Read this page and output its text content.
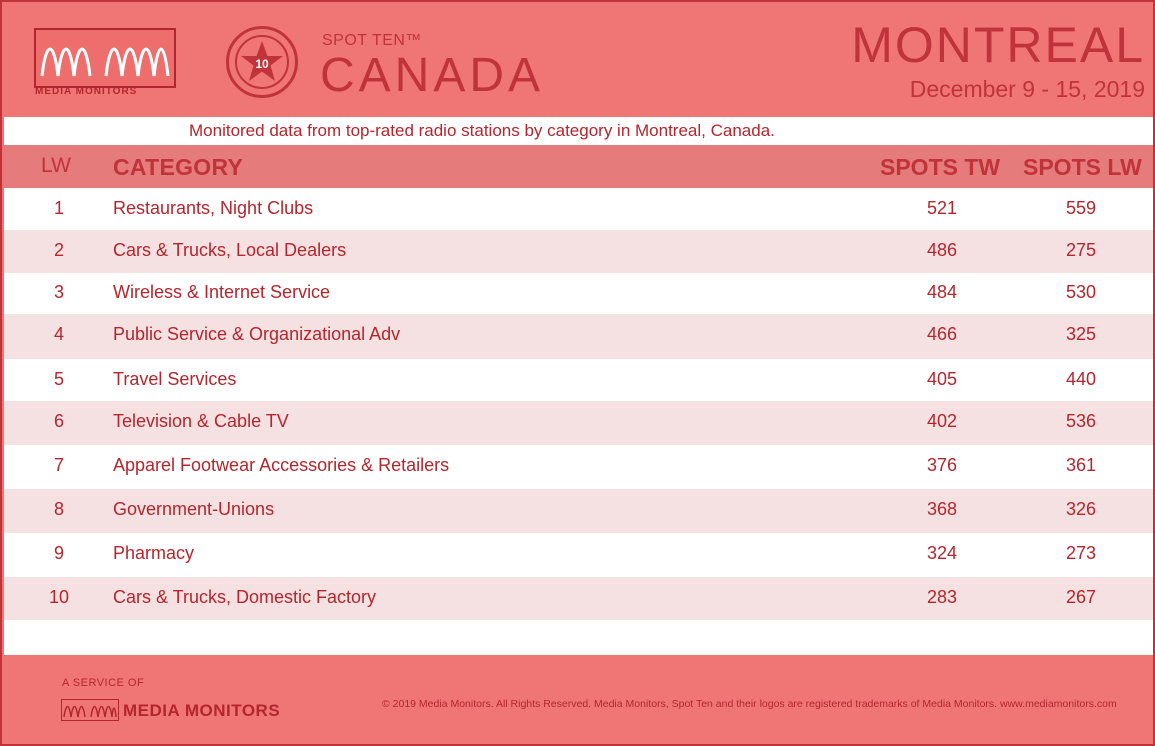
MEDIA MONITORS
10
SPOT TEN™
CANADA
MONTREAL
December 9 - 15, 2019
Monitored data from top-rated radio stations by category in Montreal, Canada.
LW CATEGORY	SPOTS TW SPOTS LW
1	Restaurants, Night Clubs	521	559
2	Cars & Trucks, Local Dealers	486	275
3	Wireless & Internet Service	484	530
4	Public Service & Organizational Adv	466	325
5	Travel Services	405	440
6	Television & Cable TV	402	536
7	Apparel Footwear Accessories & Retailers	376	361
8	Government-Unions	368	326
9	Pharmacy	324	273
10	Cars & Trucks, Domestic Factory	283	267
A SERVICE OF
MEDIA MONITORS	© 2019 Media Monitors. All Rights Reserved. Media Monitors, Spot Ten and their logos are registered trademarks of Media Monitors. www.mediamonitors.com
